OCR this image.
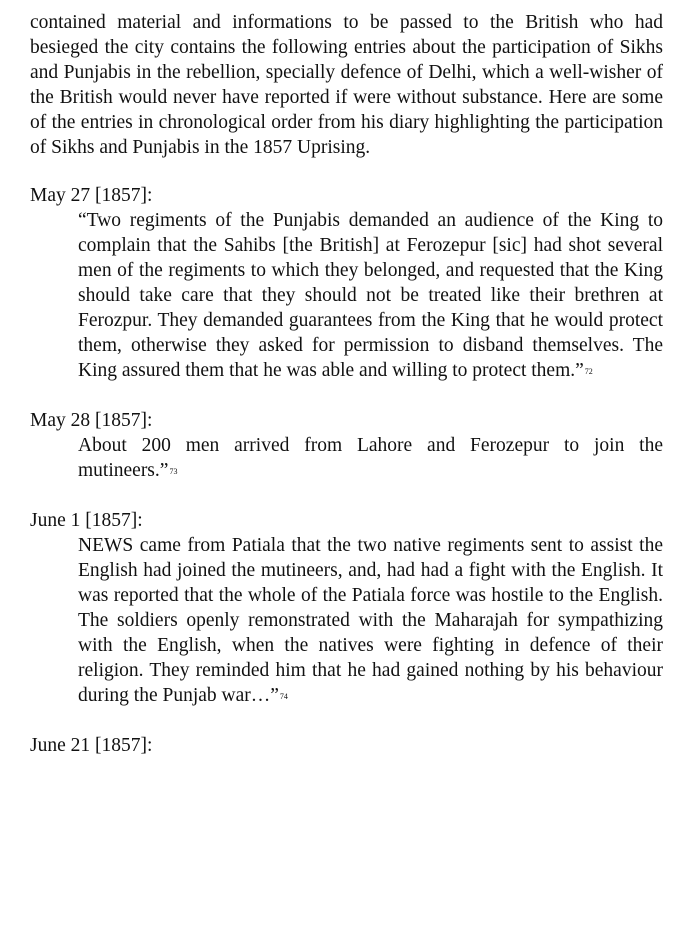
contained material and informations to be passed to the British who had besieged the city contains the following entries about the participation of Sikhs and Punjabis in the rebellion, specially defence of Delhi, which a well-wisher of the British would never have reported if were without substance. Here are some of the entries in chronological order from his diary highlighting the participation of Sikhs and Punjabis in the 1857 Uprising.

May 27 [1857]:

“Two regiments of the Punjabis demanded an audience of the King to complain that the Sahibs [the British] at Ferozepur [sic] had shot several men of the regiments to which they belonged, and requested that the King should take care that they should not be treated like their brethren at Ferozpur. They demanded guarantees from the King that he would protect them, otherwise they asked for permission to disband themselves. The King assured them that he was able and willing to protect them.”$^{72}$

May 28 [1857]:

About 200 men arrived from Lahore and Ferozepur to join the mutineers.”$^{73}$

June 1 [1857]:

NEWS came from Patiala that the two native regiments sent to assist the English had joined the mutineers, and, had had a fight with the English. It was reported that the whole of the Patiala force was hostile to the English. The soldiers openly remonstrated with the Maharajah for sympathizing with the English, when the natives were fighting in defence of their religion. They reminded him that he had gained nothing by his behaviour during the Punjab war…”$^{74}$

June 21 [1857]:
